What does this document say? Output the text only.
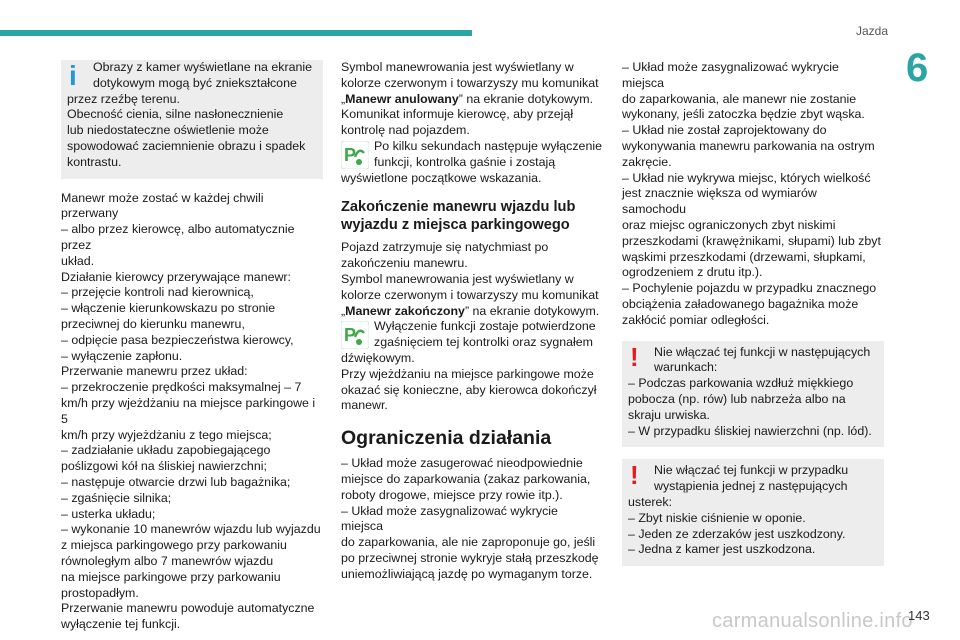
Jazda
6
i	Obrazy z kamer wyświetlane na ekranie

dotykowym mogą być zniekształcone

przez rzeźbę terenu.

Obecność cienia, silne nasłonecznienie

lub niedostateczne oświetlenie może

spowodować zaciemnienie obrazu i spadek

kontrastu.

Manewr może zostać w każdej chwili przerwany

– albo przez kierowcę, albo automatycznie przez

układ.

Działanie kierowcy przerywające manewr:

– przejęcie kontroli nad kierownicą,

– włączenie kierunkowskazu po stronie

przeciwnej do kierunku manewru,

– odpięcie pasa bezpieczeństwa kierowcy,

– wyłączenie zapłonu.

Przerwanie manewru przez układ:

– przekroczenie prędkości maksymalnej – 7

km/h przy wjeżdżaniu na miejsce parkingowe i 5

km/h przy wyjeżdżaniu z tego miejsca;

– zadziałanie układu zapobiegającego

poślizgowi kół na śliskiej nawierzchni;

– następuje otwarcie drzwi lub bagażnika;

– zgaśnięcie silnika;

– usterka układu;

– wykonanie 10 manewrów wjazdu lub wyjazdu

z miejsca parkingowego przy parkowaniu

równoległym albo 7 manewrów wjazdu

na miejsce parkingowe przy parkowaniu

prostopadłym.

Przerwanie manewru powoduje automatyczne

wyłączenie tej funkcji.

Symbol manewrowania jest wyświetlany w

kolorze czerwonym i towarzyszy mu komunikat

„Manewr anulowany” na ekranie dotykowym.

Komunikat informuje kierowcę, aby przejął

kontrolę nad pojazdem.

P Po kilku sekundach następuje wyłączenie

funkcji, kontrolka gaśnie i zostają

wyświetlone początkowe wskazania.

Zakończenie manewru wjazdu lub
wyjazdu z miejsca parkingowego

Pojazd zatrzymuje się natychmiast po

zakończeniu manewru.

Symbol manewrowania jest wyświetlany w

kolorze czerwonym i towarzyszy mu komunikat

„Manewr zakończony” na ekranie dotykowym.

P Wyłączenie funkcji zostaje potwierdzone

zgaśnięciem tej kontrolki oraz sygnałem

dźwiękowym.

Przy wjeżdżaniu na miejsce parkingowe może

okazać się konieczne, aby kierowca dokończył

manewr.

Ograniczenia działania

– Układ może zasugerować nieodpowiednie

miejsce do zaparkowania (zakaz parkowania,

roboty drogowe, miejsce przy rowie itp.).

– Układ może zasygnalizować wykrycie miejsca

do zaparkowania, ale nie zaproponuje go, jeśli

po przeciwnej stronie wykryje stałą przeszkodę

uniemożliwiającą jazdę po wymaganym torze.

– Układ może zasygnalizować wykrycie miejsca

do zaparkowania, ale manewr nie zostanie

wykonany, jeśli zatoczka będzie zbyt wąska.

– Układ nie został zaprojektowany do

wykonywania manewru parkowania na ostrym

zakręcie.

– Układ nie wykrywa miejsc, których wielkość

jest znacznie większa od wymiarów samochodu

oraz miejsc ograniczonych zbyt niskimi

przeszkodami (krawężnikami, słupami) lub zbyt

wąskimi przeszkodami (drzewami, słupkami,

ogrodzeniem z drutu itp.).

– Pochylenie pojazdu w przypadku znacznego

obciążenia załadowanego bagażnika może

zakłócić pomiar odległości.

!	Nie włączać tej funkcji w następujących

warunkach:

– Podczas parkowania wzdłuż miękkiego

pobocza (np. rów) lub nabrzeża albo na

skraju urwiska.

– W przypadku śliskiej nawierzchni (np. lód).

!	Nie włączać tej funkcji w przypadku

wystąpienia jednej z następujących

usterek:

– Zbyt niskie ciśnienie w oponie.

– Jeden ze zderzaków jest uszkodzony.

– Jedna z kamer jest uszkodzona.

carmanualsonline.info
143
